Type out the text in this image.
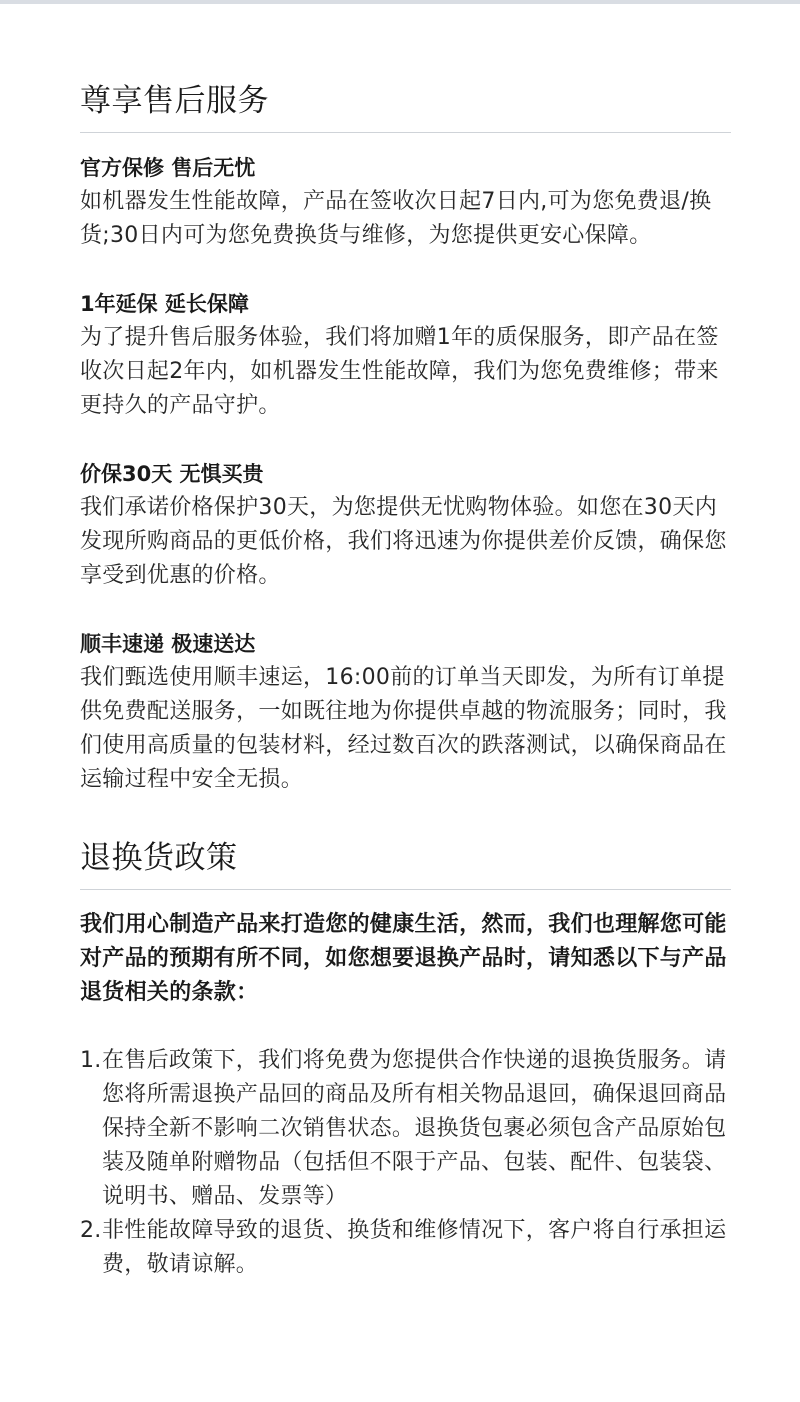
尊享售后服务

官方保修 售后无忧

如机器发生性能故障，产品在签收次日起7日内,可为您免费退/换货;30日内可为您免费换货与维修，为您提供更安心保障。

1年延保 延长保障

为了提升售后服务体验，我们将加赠1年的质保服务，即产品在签收次日起2年内，如机器发生性能故障，我们为您免费维修；带来更持久的产品守护。

价保30天 无惧买贵

我们承诺价格保护30天，为您提供无忧购物体验。如您在30天内发现所购商品的更低价格，我们将迅速为你提供差价反馈，确保您享受到优惠的价格。

顺丰速递 极速送达

我们甄选使用顺丰速运，16:00前的订单当天即发，为所有订单提供免费配送服务，一如既往地为你提供卓越的物流服务；同时，我们使用高质量的包装材料，经过数百次的跌落测试，以确保商品在运输过程中安全无损。

退换货政策

我们用心制造产品来打造您的健康生活，然而，我们也理解您可能对产品的预期有所不同，如您想要退换产品时，请知悉以下与产品退货相关的条款：

1. 在售后政策下，我们将免费为您提供合作快递的退换货服务。请您将所需退换产品回的商品及所有相关物品退回，确保退回商品保持全新不影响二次销售状态。退换货包裹必须包含产品原始包装及随单附赠物品（包括但不限于产品、包装、配件、包装袋、说明书、赠品、发票等）
2. 非性能故障导致的退货、换货和维修情况下，客户将自行承担运费，敬请谅解。
